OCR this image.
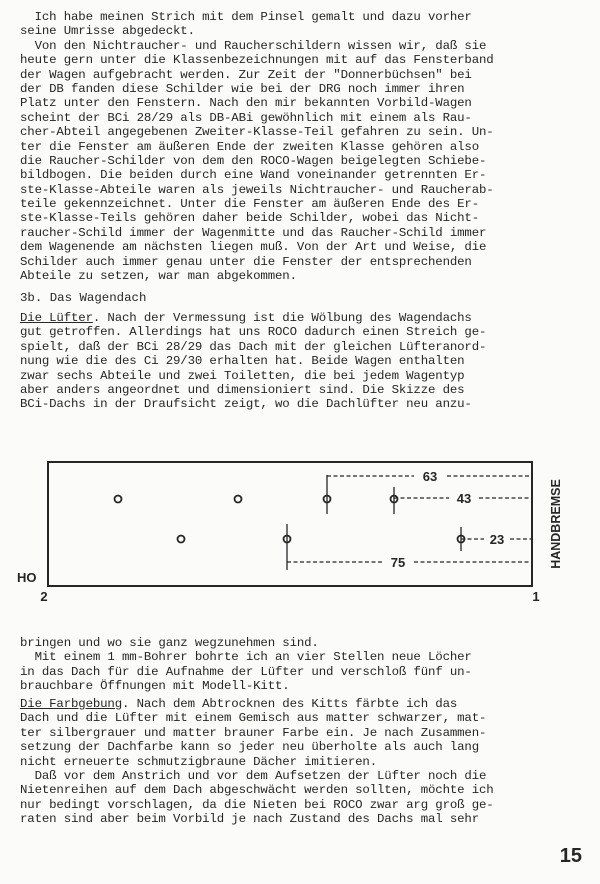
Ich habe meinen Strich mit dem Pinsel gemalt und dazu vorher
seine Umrisse abgedeckt.
Von den Nichtraucher- und Raucherschildern wissen wir, daß sie
heute gern unter die Klassenbezeichnungen mit auf das Fensterband
der Wagen aufgebracht werden. Zur Zeit der "Donnerbüchsen" bei
der DB fanden diese Schilder wie bei der DRG noch immer ihren
Platz unter den Fenstern. Nach den mir bekannten Vorbild-Wagen
scheint der BCi 28/29 als DB-ABi gewöhnlich mit einem als Rau-
cher-Abteil angegebenen Zweiter-Klasse-Teil gefahren zu sein. Un-
ter die Fenster am äußeren Ende der zweiten Klasse gehören also
die Raucher-Schilder von dem den ROCO-Wagen beigelegten Schiebe-
bildbogen. Die beiden durch eine Wand voneinander getrennten Er-
ste-Klasse-Abteile waren als jeweils Nichtraucher- und Raucherab-
teile gekennzeichnet. Unter die Fenster am äußeren Ende des Er-
ste-Klasse-Teils gehören daher beide Schilder, wobei das Nicht-
raucher-Schild immer der Wagenmitte und das Raucher-Schild immer
dem Wagenende am nächsten liegen muß. Von der Art und Weise, die
Schilder auch immer genau unter die Fenster der entsprechenden
Abteile zu setzen, war man abgekommen.
3b. Das Wagendach
Die Lüfter. Nach der Vermessung ist die Wölbung des Wagendachs
gut getroffen. Allerdings hat uns ROCO dadurch einen Streich ge-
spielt, daß der BCi 28/29 das Dach mit der gleichen Lüfteranord-
nung wie die des Ci 29/30 erhalten hat. Beide Wagen enthalten
zwar sechs Abteile und zwei Toiletten, die bei jedem Wagentyp
aber anders angeordnet und dimensioniert sind. Die Skizze des
BCi-Dachs in der Draufsicht zeigt, wo die Dachlüfter neu anzu-
63
43
23
75	HANDBREMSE
HO
2	1
bringen und wo sie ganz wegzunehmen sind.
Mit einem 1 mm-Bohrer bohrte ich an vier Stellen neue Löcher
in das Dach für die Aufnahme der Lüfter und verschloß fünf un-
brauchbare Öffnungen mit Modell-Kitt.
Die Farbgebung. Nach dem Abtrocknen des Kitts färbte ich das
Dach und die Lüfter mit einem Gemisch aus matter schwarzer, mat-
ter silbergrauer und matter brauner Farbe ein. Je nach Zusammen-
setzung der Dachfarbe kann so jeder neu überholte als auch lang
nicht erneuerte schmutzigbraune Dächer imitieren.
Daß vor dem Anstrich und vor dem Aufsetzen der Lüfter noch die
Nietenreihen auf dem Dach abgeschwächt werden sollten, möchte ich
nur bedingt vorschlagen, da die Nieten bei ROCO zwar arg groß ge-
raten sind aber beim Vorbild je nach Zustand des Dachs mal sehr
15
